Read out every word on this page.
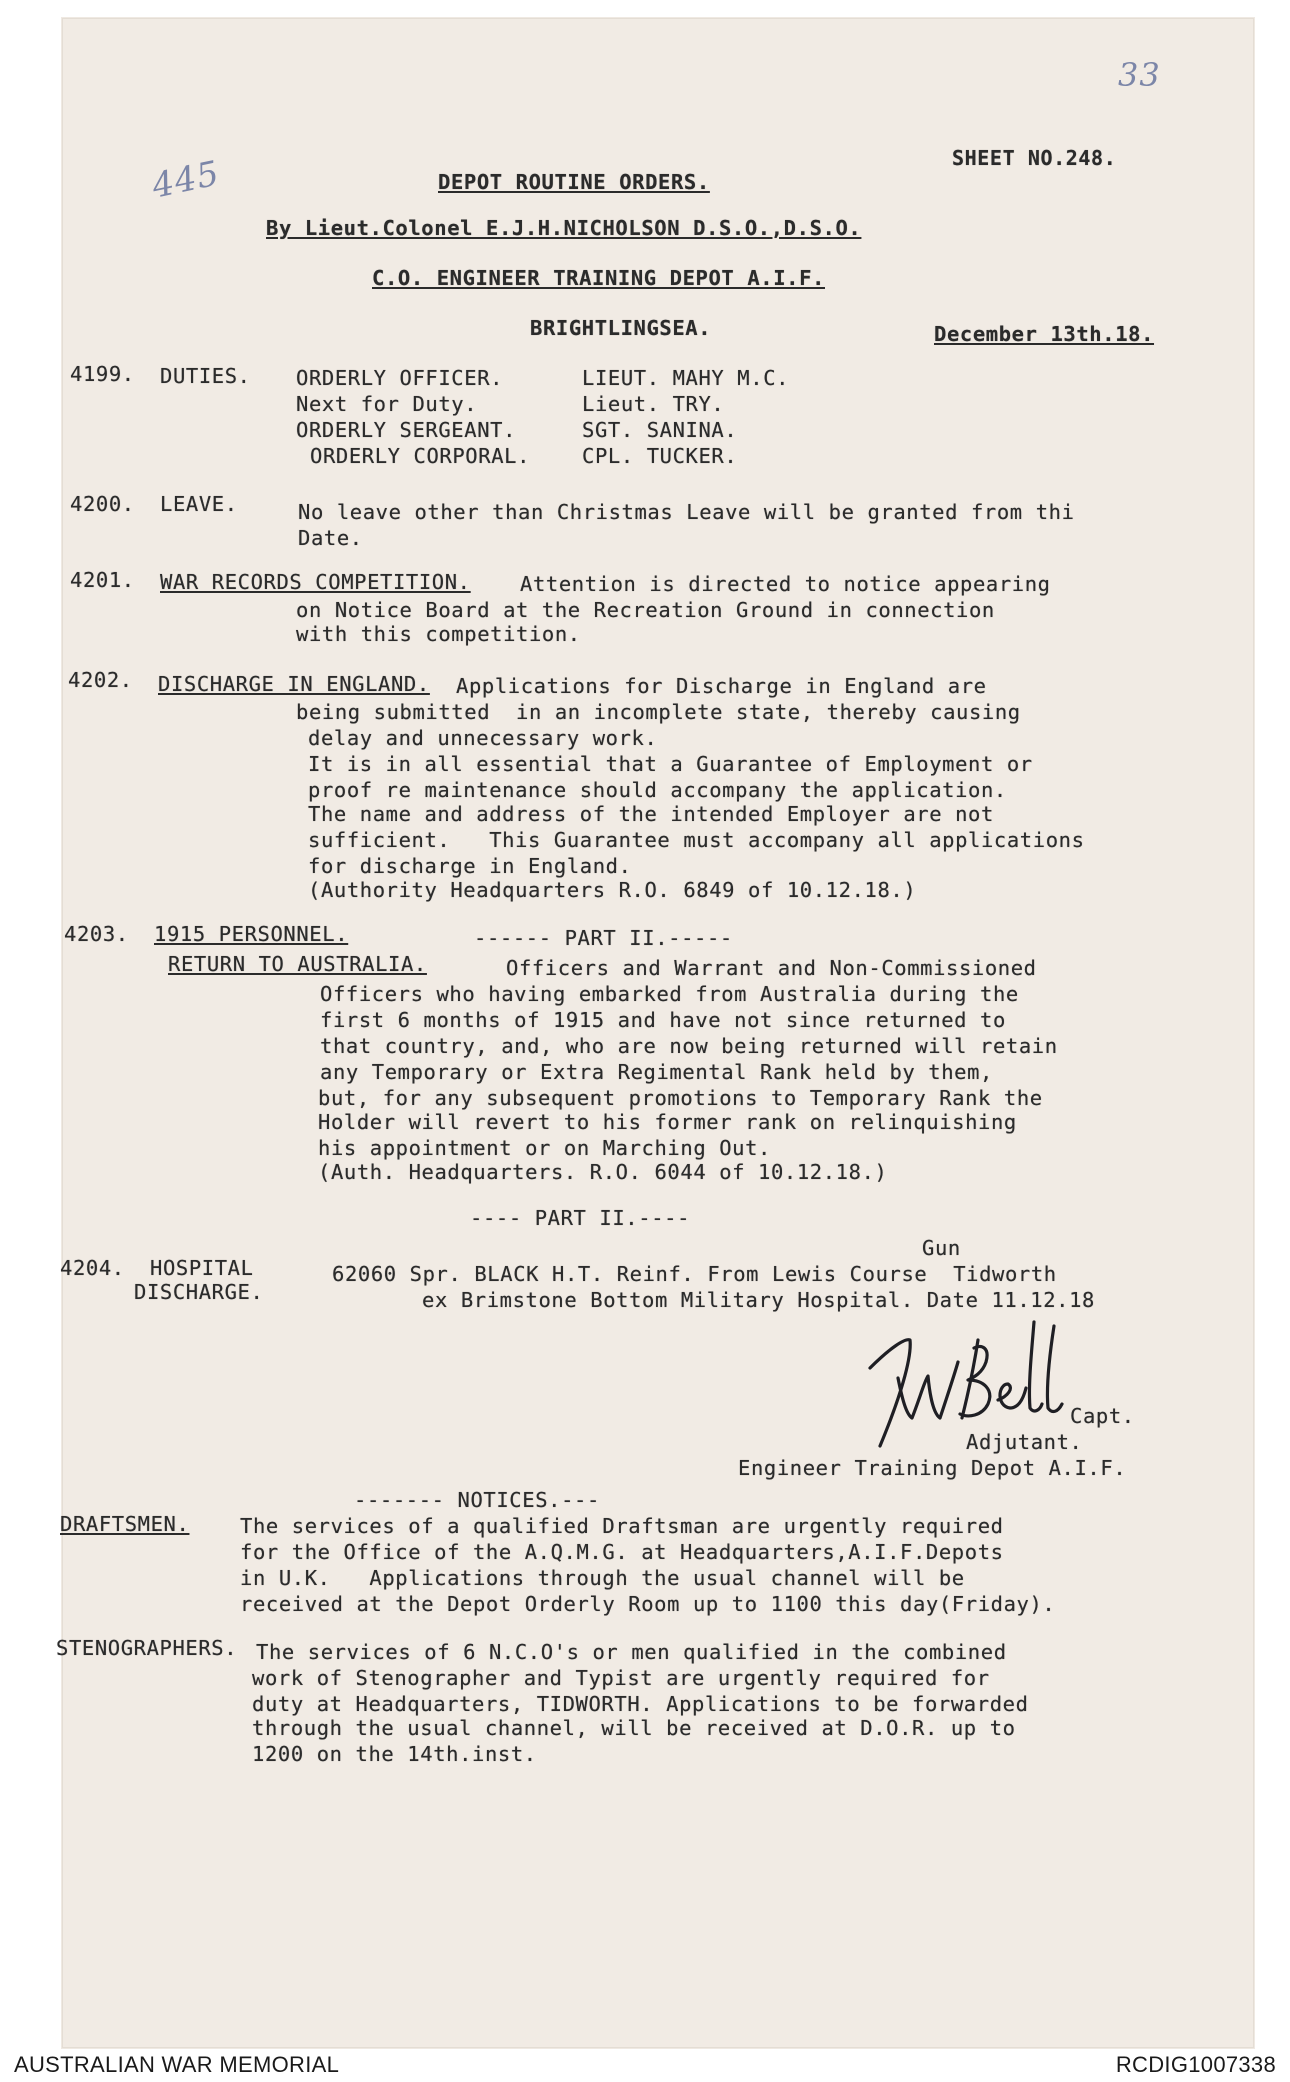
33
445	SHEET NO.248.
DEPOT ROUTINE ORDERS.
By Lieut.Colonel E.J.H.NICHOLSON D.S.O.,D.S.O.
C.O. ENGINEER TRAINING DEPOT A.I.F.
BRIGHTLINGSEA.	December 13th.18.
4199. DUTIES. ORDERLY OFFICER.	LIEUT. MAHY M.C.
Next for Duty.	Lieut. TRY.
ORDERLY SERGEANT.	SGT. SANINA.
ORDERLY CORPORAL.	CPL. TUCKER.
4200. LEAVE.	No leave other than Christmas Leave will be granted from thi
Date.
4201. WAR RECORDS COMPETITION. Attention is directed to notice appearing
on Notice Board at the Recreation Ground in connection
with this competition.
4202. DISCHARGE IN ENGLAND. Applications for Discharge in England are
being submitted  in an incomplete state, thereby causing
delay and unnecessary work.
It is in all essential that a Guarantee of Employment or
proof re maintenance should accompany the application.
The name and address of the intended Employer are not
sufficient.   This Guarantee must accompany all applications
for discharge in England.
(Authority Headquarters R.O. 6849 of 10.12.18.)
4203. 1915 PERSONNEL.	------ PART II.-----
RETURN TO AUSTRALIA.	Officers and Warrant and Non-Commissioned
Officers who having embarked from Australia during the
first 6 months of 1915 and have not since returned to
that country, and, who are now being returned will retain
any Temporary or Extra Regimental Rank held by them,
but, for any subsequent promotions to Temporary Rank the
Holder will revert to his former rank on relinquishing
his appointment or on Marching Out.
(Auth. Headquarters. R.O. 6044 of 10.12.18.)
---- PART II.----
4204. HOSPITAL
DISCHARGE.
Gun
62060 Spr. BLACK H.T. Reinf. From Lewis Course  Tidworth
ex Brimstone Bottom Military Hospital. Date 11.12.18
Capt.
Adjutant.
Engineer Training Depot A.I.F.
------- NOTICES.---
DRAFTSMEN. The services of a qualified Draftsman are urgently required
for the Office of the A.Q.M.G. at Headquarters,A.I.F.Depots
in U.K.   Applications through the usual channel will be
received at the Depot Orderly Room up to 1100 this day(Friday).
STENOGRAPHERS. The services of 6 N.C.O's or men qualified in the combined
work of Stenographer and Typist are urgently required for
duty at Headquarters, TIDWORTH. Applications to be forwarded
through the usual channel, will be received at D.O.R. up to
1200 on the 14th.inst.
AUSTRALIAN WAR MEMORIAL	RCDIG1007338
